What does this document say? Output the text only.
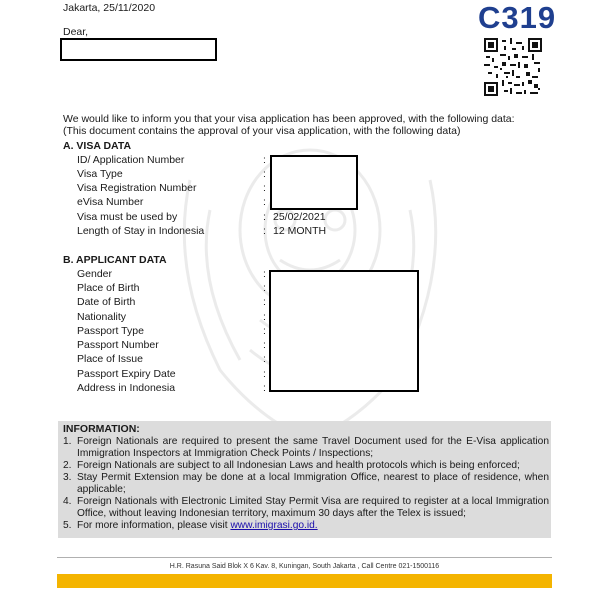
Jakarta, 25/11/2020	C319
Dear,
We would like to inform you that your visa application has been approved, with the following data:
(This document contains the approval of your visa application, with the following data)
A. VISA DATA
ID/ Application Number
Visa Type
Visa Registration Number
eVisa Number
Visa must be used by
Length of Stay in Indonesia
:
:
:
:
:
:
25/02/2021
12 MONTH
B. APPLICANT DATA
Gender
Place of Birth
Date of Birth
Nationality
Passport Type
Passport Number
Place of Issue
Passport Expiry Date
Address in Indonesia
:
:
:
:
:
:
:
:
:
INFORMATION:
1. Foreign Nationals are required to present the same Travel Document used for the E-Visa application Immigration Inspectors at Immigration Check Points / Inspections;
2. Foreign Nationals are subject to all Indonesian Laws and health protocols which is being enforced;
3. Stay Permit Extension may be done at a local Immigration Office, nearest to place of residence, when applicable;
4. Foreign Nationals with Electronic Limited Stay Permit Visa are required to register at a local Immigration Office, without leaving Indonesian territory, maximum 30 days after the Telex is issued;
5. For more information, please visit www.imigrasi.go.id.
H.R. Rasuna Said Blok X 6 Kav. 8, Kuningan, South Jakarta , Call Centre 021-1500116
